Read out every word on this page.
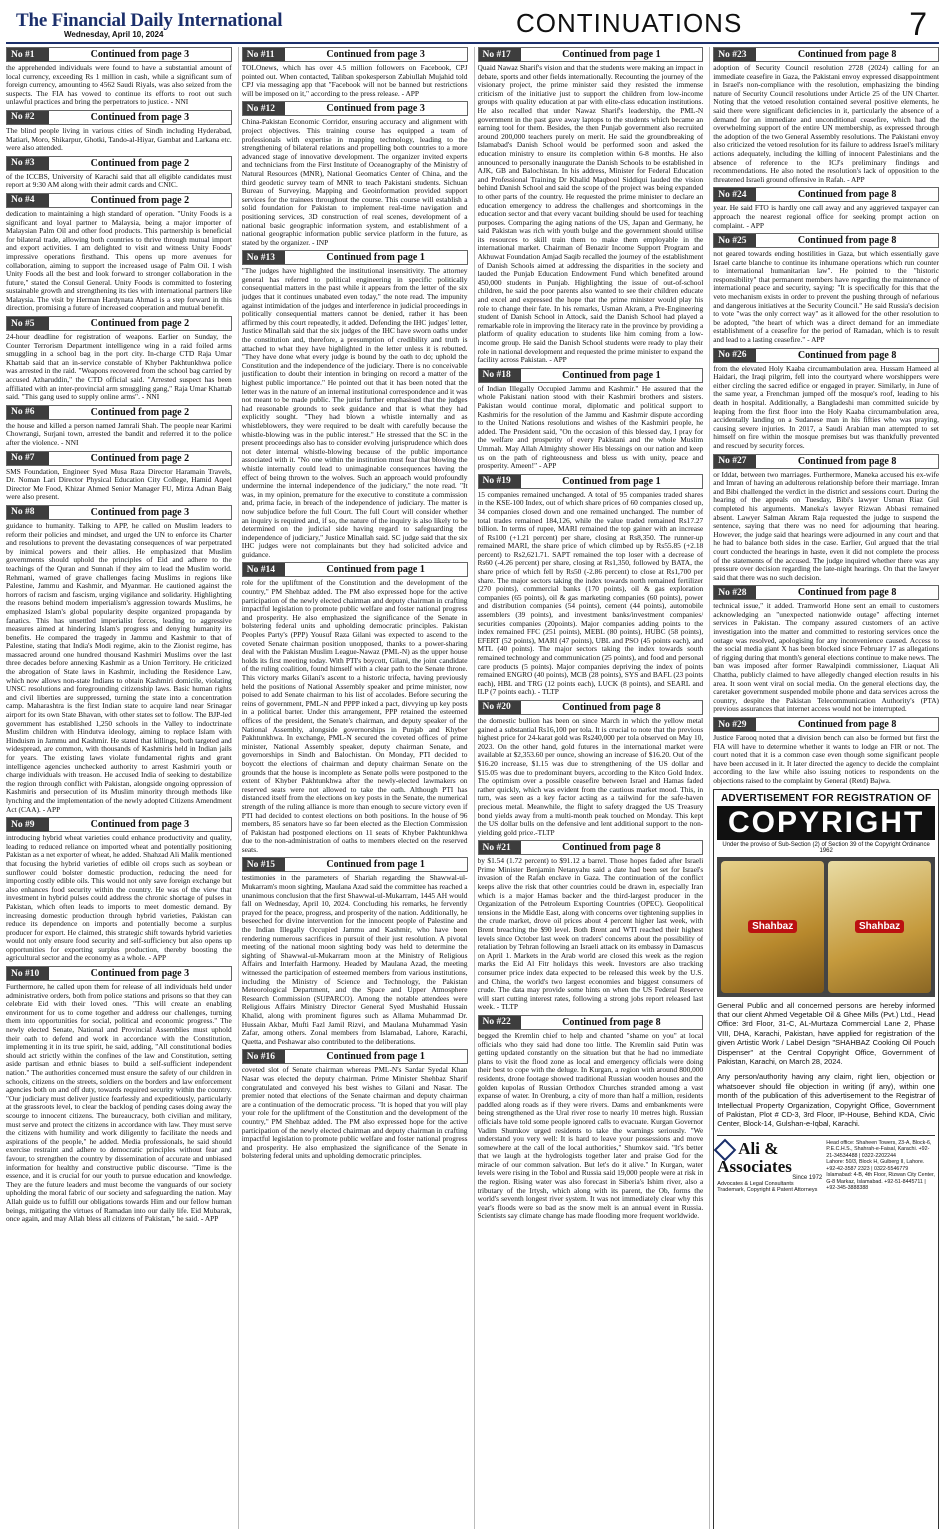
The Financial Daily International
Wednesday, April 10, 2024	CONTINUATIONS	7
No #1	Continued from page 3
the apprehended individuals were found to have a substantial amount of local currency, exceeding Rs 1 million in cash, while a significant sum of foreign currency, amounting to 4562 Saudi Riyals, was also seized from the suspects. The FIA has vowed to continue its efforts to root out such unlawful practices and bring the perpetrators to justice. - NNI
No #2	Continued from page 3
The blind people living in various cities of Sindh including Hyderabad, Matiari, Moro, Shikarpur, Ghotki, Tando-al-Hiyar, Gambat and Larkana etc. were also attended.
No #3	Continued from page 2
of the ICCBS, University of Karachi said that all eligible candidates must report at 9:30 AM along with their admit cards and CNIC.
No #4	Continued from page 2
dedication to maintaining a high standard of operation. "Unity Foods is a significant and loyal partner to Malaysia, being a major importer of Malaysian Palm Oil and other food products. This partnership is beneficial for bilateral trade, allowing both countries to thrive through mutual import and export activities. I am delighted to visit and witness Unity Foods' impressive operations firsthand. This opens up more avenues for collaboration, aiming to support the increased usage of Palm Oil. I wish Unity Foods all the best and look forward to stronger collaboration in the future," stated the Consul General. Unity Foods is committed to fostering sustainable growth and strengthening its ties with international partners like Malaysia. The visit by Herman Hardynata Ahmad is a step forward in this direction, promising a future of increased cooperation and mutual benefit.
No #5	Continued from page 2
24-hour deadline for registration of weapons. Earlier on Sunday, the Counter Terrorism Department intelligence wing in a raid foiled arms smuggling in a school bag in the port city. In-charge CTD Raja Umar Khattab said that an in-service constable of Khyber Pakhtunkhwa police was arrested in the raid. "Weapons recovered from the school bag carried by accused Azharuddin," the CTD official said. "Arrested suspect has been affiliated with an inter-provincial arm smuggling gang," Raja Umar Khattab said. "This gang used to supply online arms". - NNI
No #6	Continued from page 2
the house and killed a person named Jamrali Shah. The people near Karimi Chowrangi, Surjani town, arrested the bandit and referred it to the police after the violence. - NNI
No #7	Continued from page 2
SMS Foundation, Engineer Syed Musa Raza Director Haramain Travels, Dr. Noman Lari Director Physical Education City College, Hamid Aqeel Director Me Food, Khizar Ahmed Senior Manager FU, Mirza Adnan Baig were also present.
No #8	Continued from page 3
guidance to humanity. Talking to APP, he called on Muslim leaders to reform their policies and mindset, and urged the UN to enforce its Charter and resolutions to prevent the devastating consequences of war perpetrated by inimical powers and their allies. He emphasized that Muslim governments should uphold the principles of Eid and adhere to the teachings of the Quran and Sunnah if they aim to lead the Muslim world. Rehmani, warned of grave challenges facing Muslims in regions like Palestine, Jammu and Kashmir, and Myanmar. He cautioned against the horrors of racism and fascism, urging vigilance and solidarity. Highlighting the reasons behind modern imperialism's aggression towards Muslims, he emphasized Islam's global popularity despite organized propaganda by fanatics. This has unsettled imperialist forces, leading to aggressive measures aimed at hindering Islam's progress and denying humanity its benefits. He compared the tragedy in Jammu and Kashmir to that of Palestine, stating that India's Modi regime, akin to the Zionist regime, has massacred around one hundred thousand Kashmiri Muslims over the last three decades before annexing Kashmir as a Union Territory. He criticized the abrogation of State laws in Kashmir, including the Residence Law, which now allows non-state Indians to obtain Kashmiri domicile, violating UNSC resolutions and foregrounding citizenship laws. Basic human rights and civil liberties are suppressed, turning the state into a concentration camp. Maharashtra is the first Indian state to acquire land near Srinagar airport for its own State Bhavan, with other states set to follow. The BJP-led government has established 1,250 schools in the Valley to indoctrinate Muslim children with Hindutva ideology, aiming to replace Islam with Hinduism in Jammu and Kashmir. He stated that killings, both targeted and widespread, are common, with thousands of Kashmiris held in Indian jails for years. The existing laws violate fundamental rights and grant intelligence agencies unchecked authority to arrest Kashmiri youth or charge individuals with treason. He accused India of seeking to destabilize the region through conflict with Pakistan, alongside ongoing oppression of Kashmiris and persecution of its Muslim minority through methods like lynching and the implementation of the newly adopted Citizens Amendment Act (CAA). - APP
No #9	Continued from page 3
introducing hybrid wheat varieties could enhance productivity and quality, leading to reduced reliance on imported wheat and potentially positioning Pakistan as a net exporter of wheat, he added. Shahzad Ali Malik mentioned that focusing the hybrid varieties of edible oil crops such as soybean or sunflower could bolster domestic production, reducing the need for importing costly edible oils. This would not only save foreign exchange but also enhances food security within the country. He was of the view that investment in hybrid pulses could address the chronic shortage of pulses in Pakistan, which often leads to imports to meet domestic demand. By increasing domestic production through hybrid varieties, Pakistan can reduce its dependence on imports and potentially become a surplus producer for export. He claimed, this strategic shift towards hybrid varieties would not only ensure food security and self-sufficiency but also opens up opportunities for exporting surplus production, thereby boosting the agricultural sector and the economy as a whole. - APP
No #10	Continued from page 3
Furthermore, he called upon them for release of all individuals held under administrative orders, both from police stations and prisons so that they can celebrate Eid with their loved ones. "This will create an enabling environment for us to come together and address our challenges, turning them into opportunities for social, political and economic progress." The newly elected Senate, National and Provincial Assemblies must uphold their oath to defend and work in accordance with the Constitution, implementing it in its true spirit, he said, adding, "All constitutional bodies should act strictly within the confines of the law and Constitution, setting aside partisan and ethnic biases to build a self-sufficient independent nation." The authorities concerned must ensure the safety of our children in schools, citizens on the streets, soldiers on the borders and law enforcement agencies both on and off duty, towards required security within the country. "Our judiciary must deliver justice fearlessly and expeditiously, particularly at the grassroots level, to clear the backlog of pending cases doing away the scourge to innocent citizens. The bureaucracy, both civilian and military, must serve and protect the citizens in accordance with law. They must serve the citizens with humility and work diligently to facilitate the needs and aspirations of the people," he added. Media professionals, he said should exercise restraint and adhere to democratic principles without fear and favour, to strengthen the country by dissemination of accurate and unbiased information for healthy and constructive public discourse. "Time is the essence, and it is crucial for our youth to pursue education and knowledge. They are the future leaders and must become the vanguards of our society upholding the moral fabric of our society and safeguarding the nation. May Allah guide us to fulfill our obligations towards Him and our fellow human beings, mitigating the virtues of Ramadan into our daily life. Eid Mubarak, once again, and may Allah bless all citizens of Pakistan," he said. - APP
No #11	Continued from page 3
TOLOnews, which has over 4.5 million followers on Facebook, CPJ pointed out. When contacted, Taliban spokesperson Zabiullah Mujahid told CPJ via messaging app that "Facebook will not be banned but restrictions will be imposed on it," according to the press release. - APP
No #12	Continued from page 3
China-Pakistan Economic Corridor, ensuring accuracy and alignment with project objectives. This training course has equipped a team of professionals with expertise in mapping technology, leading to the strengthening of bilateral relations and propelling both countries to a more advanced stage of innovative development. The organizer invited experts and technicians from the First Institute of Oceanography of the Ministry of Natural Resources (MNR), National Geomatics Center of China, and the third geodetic survey team of MNR to teach Pakistani students. Sichuan Bureau of Surveying, Mapping and Geoinformation provided support services for the trainees throughout the course. This course will establish a solid foundation for Pakistan to implement real-time navigation and positioning services, 3D construction of real scenes, development of a national basic geographic information system, and establishment of a national geographic information public service platform in the future, as stated by the organizer. - INP
No #13	Continued from page 1
"The judges have highlighted the institutional insensitivity. The attorney general has referred to political engineering in specific politically consequential matters in the past while it appears from the letter of the six judges that it continues unabated even today," the note read. The impunity against intimidation of the judges and interference in judicial proceedings in politically consequential matters cannot be denied, rather it has been affirmed by this court repeatedly, it added. Defending the IHC judges' letter, Justice Minallah said that the six judges of the IHC have sworn oaths under the constitution and, therefore, a presumption of credibility and truth is attached to what they have highlighted in the letter unless it is rebutted. "They have done what every judge is bound by the oath to do; uphold the Constitution and the independence of the judiciary. There is no conceivable justification to doubt their intention in bringing on record a matter of the highest public importance." He pointed out that it has been noted that the letter was in the nature of an internal institutional correspondence and it was not meant to be made public. The jurist further emphasised that the judges had reasonable grounds to seek guidance and that is what they had explicitly sought. "They had blown a whistle internally and as whistleblowers, they were required to be dealt with carefully because the whistle-blowing was in the public interest." He stressed that the SC in the present proceedings also has to consider evolving jurisprudence which does not deter internal whistle-blowing because of the public importance associated with it. "No one within the institution must fear that blowing the whistle internally could lead to unimaginable consequences having the effect of being thrown to the wolves. Such an approach would profoundly undermine the internal independence of the judiciary," the note read. "It was, in my opinion, premature for the executive to constitute a commission and, prima facie, in breach of the independence of judiciary. The matter is now subjudice before the full Court. The full Court will consider whether an inquiry is required and, if so, the nature of the inquiry is also likely to be determined on the judicial side having regard to safeguarding the independence of judiciary," Justice Minallah said. SC judge said that the six IHC judges were not complainants but they had solicited advice and guidance.
No #14	Continued from page 1
role for the upliftment of the Constitution and the development of the country," PM Shehbaz added. The PM also expressed hope for the active participation of the newly elected chairman and deputy chairman in crafting impactful legislation to promote public welfare and foster national progress and prosperity. He also emphasized the significance of the Senate in bolstering federal units and upholding democratic principles. Pakistan Peoples Party's (PPP) Yousuf Raza Gilani was expected to ascend to the coveted Senate chairman position unopposed, thanks to a power-sharing deal with the Pakistan Muslim League-Nawaz (PML-N) as the upper house holds its first meeting today. With PTI's boycott, Gilani, the joint candidate of the ruling coalition, found himself with a clear path to the Senate throne. This victory marks Gilani's ascent to a historic trifecta, having previously held the positions of National Assembly speaker and prime minister, now poised to add Senate chairman to his list of accolades. Before securing the reins of government, PML-N and PPPP inked a pact, divvying up key posts in a political barter. Under this arrangement, PPP retained the esteemed offices of the president, the Senate's chairman, and deputy speaker of the National Assembly, alongside governorships in Punjab and Khyber Pakhtunkhwa. In exchange, PML-N secured the coveted offices of prime minister, National Assembly speaker, deputy chairman Senate, and governorships in Sindh and Balochistan. On Monday, PTI decided to boycott the elections of chairman and deputy chairman Senate on the grounds that the house is incomplete as Senate polls were postponed to the extent of Khyber Pakhtunkhwa after the newly-elected lawmakers on reserved seats were not allowed to take the oath. Although PTI has distanced itself from the elections on key posts in the Senate, the numerical strength of the ruling alliance is more than enough to secure victory even if PTI had decided to contest elections on both positions. In the house of 96 members, 85 senators have so far been elected as the Election Commission of Pakistan had postponed elections on 11 seats of Khyber Pakhtunkhwa due to the non-administration of oaths to members elected on the reserved seats.
No #15	Continued from page 1
testimonies in the parameters of Shariah regarding the Shawwal-ul-Mukarram's moon sighting, Maulana Azad said the committee has reached a unanimous conclusion that the first Shawwal-ul-Mukarram, 1445 AH would fall on Wednesday, April 10, 2024. Concluding his remarks, he fervently prayed for the peace, progress, and prosperity of the nation. Additionally, he beseeched for divine intervention for the innocent people of Palestine and the Indian Illegally Occupied Jammu and Kashmir, who have been rendering numerous sacrifices in pursuit of their just resolution. A pivotal meeting of the national moon sighting body was held to determine the sighting of Shawwal-ul-Mukarram moon at the Ministry of Religious Affairs and Interfaith Harmony. Headed by Maulana Azad, the meeting witnessed the participation of esteemed members from various institutions, including the Ministry of Science and Technology, the Pakistan Meteorological Department, and the Space and Upper Atmosphere Research Commission (SUPARCO). Among the notable attendees were Religious Affairs Ministry Director General Syed Mushahid Hussain Khalid, along with prominent figures such as Allama Muhammad Dr. Hussain Akbar, Mufti Fazl Jamil Rizvi, and Maulana Muhammad Yasin Zafar, among others. Zonal members from Islamabad, Lahore, Karachi, Quetta, and Peshawar also contributed to the deliberations.
No #16	Continued from page 1
coveted slot of Senate chairman whereas PML-N's Sardar Syedal Khan Nasar was elected the deputy chairman. Prime Minister Shehbaz Sharif congratulated and conveyed his best wishes to Gilani and Nasar. The premier noted that elections of the Senate chairman and deputy chairman are a continuation of the democratic process. "It is hoped that you will play your role for the upliftment of the Constitution and the development of the country," PM Shehbaz added. The PM also expressed hope for the active participation of the newly elected chairman and deputy chairman in crafting impactful legislation to promote public welfare and foster national progress and prosperity. He also emphasized the significance of the Senate in bolstering federal units and upholding democratic principles.
No #17	Continued from page 1
Quaid Nawaz Sharif's vision and that the students were making an impact in debate, sports and other fields internationally. Recounting the journey of the visionary project, the prime minister said they resisted the immense criticism of the initiative just to support the children from low-income groups with quality education at par with elite-class education institutions. He also recalled that under Nawaz Sharif's leadership, the PML-N government in the past gave away laptops to the students which became an earning tool for them. Besides, the then Punjab government also recruited around 200,000 teachers purely on merit. He said the groundbreaking of Islamabad's Danish School would be performed soon and asked the education ministry to ensure its completion within 6-8 months. He also announced to personally inaugurate the Danish Schools to be established in AJK, GB and Balochistan. In his address, Minister for Federal Education and Professional Training Dr Khalid Maqbool Siddiqui lauded the vision behind Danish School and said the scope of the project was being expanded to other parts of the country. He requested the prime minister to declare an education emergency to address the challenges and shortcomings in the education sector and that every vacant building should be used for teaching purposes. Comparing the aging nations of the US, Japan and Germany, he said Pakistan was rich with youth bulge and the government should utilise its resources to skill train them to make them employable in the international market. Chairman of Benazir Income Support Program and Akhuwat Foundation Amjad Saqib recalled the journey of the establishment of Danish Schools aimed at addressing the disparities in the society and lauded the Punjab Education Endowment Fund which benefited around 450,000 students in Punjab. Highlighting the issue of out-of-school children, he said the poor parents also wanted to see their children educate and excel and expressed the hope that the prime minister would play his role to change their fate. In his remarks, Usman Akram, a Pre-Engineering student of Danish School in Attock, said the Danish School had played a remarkable role in improving the literacy rate in the province by providing a platform of quality education to students like him coming from a low-income group. He said the Danish School students were ready to play their role in national development and requested the prime minister to expand the facility across Pakistan. - APP
No #18	Continued from page 1
of Indian Illegally Occupied Jammu and Kashmir." He assured that the whole Pakistani nation stood with their Kashmiri brothers and sisters. Pakistan would continue moral, diplomatic and political support to Kashmiris for the resolution of the Jammu and Kashmir dispute according to the United Nations resolutions and wishes of the Kashmiri people, he added. The President said, "On the occasion of this blessed day, I pray for the welfare and prosperity of every Pakistani and the whole Muslim Ummah. May Allah Almighty shower His blessings on our nation and keep us on the path of righteousness and bless us with unity, peace and prosperity. Ameen!" - APP
No #19	Continued from page 1
15 companies remained unchanged. A total of 95 companies traded shares in the KSE-100 Index, out of which share prices of 60 companies closed up, 34 companies closed down and one remained unchanged. The number of total trades remained 184,126, while the value traded remained Rs17.27 billion. In terms of rupee, MARI remained the top gainer with an increase of Rs100 (+1.21 percent) per share, closing at Rs8,350. The runner-up remained MARI, the share price of which climbed up by Rs55.85 (+2.18 percent) to Rs2,621.71. SAPT remained the top loser with a decrease of Rs60 (-4.26 percent) per share, closing at Rs1,350, followed by BATA, the share price of which fell by Rs50 (-2.86 percent) to close at Rs1,700 per share. The major sectors taking the index towards north remained fertilizer (270 points), commercial banks (170 points), oil & gas exploration companies (65 points), oil & gas marketing companies (60 points), power and distribution companies (54 points), cement (44 points), automobile assemblers (39 points), and investment banks/investment companies/ securities companies (20points). Major companies adding points to the index remained FFC (251 points), MEBL (80 points), HUBC (58 points), EFERT (52 points), MARI (47 points), UBL and PSO (45 points each), and MTL (40 points). The major sectors taking the index towards south remained technology and communication (25 points), and food and personal care products (5 points). Major companies depriving the index of points remained ENGRO (40 points), MCB (28 points), SYS and BAFL (23 points each), HBL and TRG (12 points each), LUCK (8 points), and SEARL and ILP (7 points each). - TLTP
No #20	Continued from page 8
the domestic bullion has been on since March in which the yellow metal gained a substantial Rs16,100 per tola. It is crucial to note that the previous highest price for 24-karat gold was Rs240,000 per tola observed on May 10, 2023. On the other hand, gold futures in the international market were available at $2,353.60 per ounce, showing an increase of $16.20. Out of the $16.20 increase, $1.15 was due to strengthening of the US dollar and $15.05 was due to predominant buyers, according to the Kitco Gold Index. The optimism over a possible ceasefire between Israel and Hamas faded rather quickly, which was evident from the cautious market mood. This, in turn, was seen as a key factor acting as a tailwind for the safe-haven precious metal. Meanwhile, the flight to safety dragged the US Treasury bond yields away from a multi-month peak touched on Monday. This kept the US dollar bulls on the defensive and lent additional support to the non-yielding gold price.-TLTP
No #21	Continued from page 8
by $1.54 (1.72 percent) to $91.12 a barrel. Those hopes faded after Israeli Prime Minister Benjamin Netanyahu said a date had been set for Israel's invasion of the Rafah enclave in Gaza. The continuation of the conflict keeps alive the risk that other countries could be drawn in, especially Iran which is a major Hamas backer and the third-largest producer in the Organization of the Petroleum Exporting Countries (OPEC). Geopolitical tensions in the Middle East, along with concerns over tightening supplies in the crude market, drove oil prices about 4 percent higher last week, with Brent breaching the $90 level. Both Brent and WTI reached their highest levels since October last week on traders' concerns about the possibility of retaliation by Tehran following an Israeli attack on its embassy in Damascus on April 1. Markets in the Arab world are closed this week as the region marks the Eid Al Fitr holidays this week. Investors are also tracking consumer price index data expected to be released this week by the U.S. and China, the world's two largest economies and biggest consumers of crude. The data may provide some hints on when the US Federal Reserve will start cutting interest rates, following a strong jobs report released last week. - TLTP
No #22	Continued from page 8
begged the Kremlin chief to help and chanted "shame on you" at local officials who they said had done too little. The Kremlin said Putin was getting updated constantly on the situation but that he had no immediate plans to visit the flood zone as local and emergency officials were doing their best to cope with the deluge. In Kurgan, a region with around 800,000 residents, drone footage showed traditional Russian wooden houses and the golden kupolas of Russian Orthodox Churches stranded among a vast expanse of water. In Orenburg, a city of more than half a million, residents paddled along roads as if they were rivers. Dams and embankments were being strengthened as the Ural river rose to nearly 10 metres high. Russian officials have told some people ignored calls to evacuate. Kurgan Governor Vadim Shumkov urged residents to take the warnings seriously. "We understand you very well: It is hard to leave your possessions and move somewhere at the call of the local authorities," Shumkov said. "It's better that we laugh at the hydrologists together later and praise God for the miracle of our common salvation. But let's do it alive." In Kurgan, water levels were rising in the Tobol and Russia said 19,000 people were at risk in the region. Rising water was also forecast in Siberia's Ishim river, also a tributary of the Irtysh, which along with its parent, the Ob, forms the world's seventh longest river system. It was not immediately clear why this year's floods were so bad as the snow melt is an annual event in Russia. Scientists say climate change has made flooding more frequent worldwide.
No #23	Continued from page 8
adoption of Security Council resolution 2728 (2024) calling for an immediate ceasefire in Gaza, the Pakistani envoy expressed disappointment in Israel's non-compliance with the resolution, emphasizing the binding nature of Security Council resolutions under Article 25 of the UN Charter. Noting that the vetoed resolution contained several positive elements, he said there were significant deficiencies in it, particularly the absence of a demand for an immediate and unconditional ceasefire, which had the overwhelming support of the entire UN membership, as expressed through the adoption of the two General Assembly resolutions. The Pakistani envoy also criticized the vetoed resolution for its failure to address Israel's military actions adequately, including the killing of innocent Palestinians and the absence of reference to the ICJ's preliminary findings and recommendations. He also noted the resolution's lack of opposition to the threatened Israeli ground offensive in Rafah. - APP
No #24	Continued from page 8
year. He said FTO is hardly one call away and any aggrieved taxpayer can approach the nearest regional office for seeking prompt action on complaint. - APP
No #25	Continued from page 8
not geared towards ending hostilities in Gaza, but which essentially gave Israel carte blanche to continue its inhumane operations which run counter to international humanitarian law". He pointed to the "historic responsibility" that permanent members have regarding the maintenance of international peace and security, saying: "It is specifically for this that the veto mechanism exists in order to prevent the pushing through of nefarious and dangerous initiatives at the Security Council." He said Russia's decision to vote "was the only correct way" as it allowed for the other resolution to be adopted, "the heart of which was a direct demand for an immediate establishment of a ceasefire for the period of Ramadan, which is to result and lead to a lasting ceasefire." - APP
No #26	Continued from page 8
from the elevated Holy Kaaba circumambulation area. Hussam Hameed al Haidari, the Iraqi pilgrim, fell into the courtyard where worshippers were either circling the sacred edifice or engaged in prayer. Similarly, in June of the same year, a Frenchman jumped off the mosque's roof, leading to his death in hospital. Additionally, a Bangladeshi man committed suicide by leaping from the first floor into the Holy Kaaba circumambulation area, accidentally landing on a Sudanese man in his fifties who was praying, causing severe injuries. In 2017, a Saudi Arabian man attempted to set himself on fire within the mosque premises but was thankfully prevented and rescued by security forces.
No #27	Continued from page 8
or Iddat, between two marriages. Furthermore, Maneka accused his ex-wife and Imran of having an adulterous relationship before their marriage. Imran and Bibi challenged the verdict in the district and sessions court. During the hearing of the appeals on Tuesday, Bibi's lawyer Usman Riaz Gul completed his arguments. Maneka's lawyer Rizwan Abbasi remained absent. Lawyer Salman Akram Raja requested the judge to suspend the sentence, saying that there was no need for adjourning that hearing. However, the judge said that hearings were adjourned in any court and that he had to balance both sides in the case. Earlier, Gul argued that the trial court conducted the hearings in haste, even it did not complete the process of the statements of the accused. The judge inquired whether there was any pressure over decision regarding the late-night hearings. On that the lawyer said that there was no such decision.
No #28	Continued from page 8
technical issue," it added. Tramworld Hone sent an email to customers acknowledging an "unexpected nationwide outage" affecting internet services in Pakistan. The company assured customers of an active investigation into the matter and committed to restoring services once the outage was resolved, apologising for any inconvenience caused. Access to the social media giant X has been blocked since February 17 as allegations of rigging during that month's general elections continue to make news. The ban was imposed after former Rawalpindi commissioner, Liaquat Ali Chattha, publicly claimed to have allegedly changed election results in his area. It soon went viral on social media. On the general elections day, the caretaker government suspended mobile phone and data services across the country, despite the Pakistan Telecommunication Authority's (PTA) previous assurances that internet access would not be interrupted.
No #29	Continued from page 8
Justice Farooq noted that a division bench can also be formed but first the FIA will have to determine whether it wants to lodge an FIR or not. The court noted that it is a common case even though some significant people have been accused in it. It later directed the agency to decide the complaint according to the law while also issuing notices to respondents on the objections raised to the complaint by General (Retd) Bajwa.
ADVERTISEMENT FOR REGISTRATION OF
COPYRIGHT
Under the proviso of Sub-Section (2) of Section 39 of the Copyright Ordinance 1962
Shahbaz	Shahbaz
General Public and all concerned persons are hereby informed that our client Ahmed Vegetable Oil & Ghee Mills (Pvt.) Ltd., Head Office: 3rd Floor, 31-C, AL-Murtaza Commercial Lane 2, Phase VIII, DHA, Karachi, Pakistan, have applied for registration of the given Artistic Work / Label Design "SHAHBAZ Cooking Oil Pouch Dispenser" at the Central Copyright Office, Government of Pakistan, Karachi, on March 28, 2024.
Any person/authority having any claim, right lien, objection or whatsoever should file objection in writing (if any), within one month of the publication of this advertisement to the Registrar of Intellectual Property Organization, Copyright Office, Government of Pakistan, Plot # CD-3, 3rd Floor, IP-House, Behind KDA, Civic Center, Block-14, Gulshan-e-Iqbal, Karachi.
Ali &
Associates
Since 1972
Advocates & Legal Consultants Trademark, Copyright & Patent Attorneys
Head office: Shaheen Towers, 23-A, Block-6, P.E.C.H.S., Shahrah-e-Faisal, Karachi. +92-21-34534488 | 0322-2202244
Lahore: 50/3, Block H, Gulberg II, Lahore. +92-42-3587 2323 | 0322-5546779
Islamabad: 4-B, 4th Floor, Rizwan City Center, G-8 Markaz, Islamabad. +92-51-8445711 | +92-345-3888388
